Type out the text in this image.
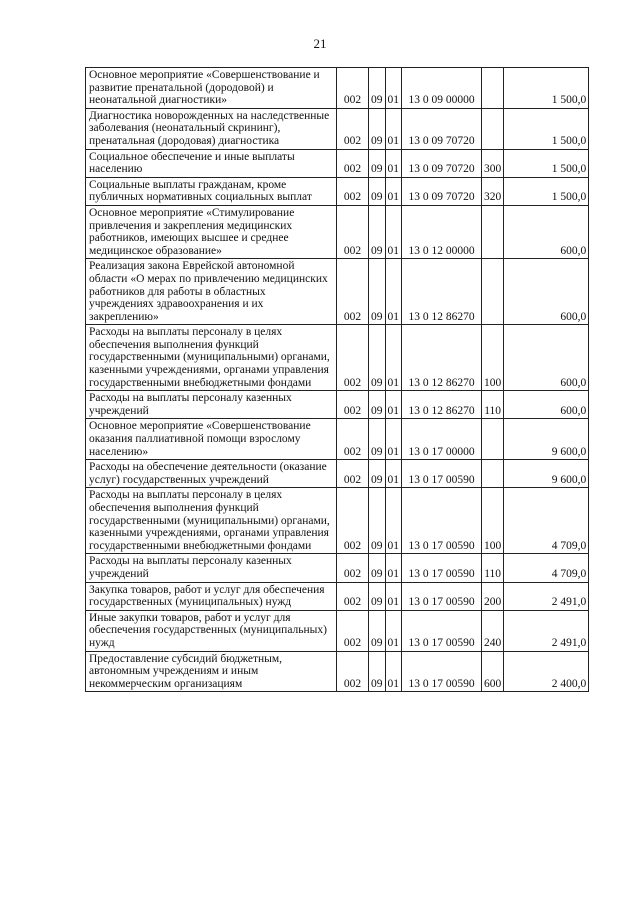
21
Основное мероприятие «Совершенствование и развитие пренатальной (дородовой) и неонатальной диагностики»	002	09	01	13 0 09 00000		1 500,0
Диагностика новорожденных на наследственные заболевания (неонатальный скрининг), пренатальная (дородовая) диагностика	002	09	01	13 0 09 70720		1 500,0
Социальное обеспечение и иные выплаты населению	002	09	01	13 0 09 70720	300	1 500,0
Социальные выплаты гражданам, кроме публичных нормативных социальных выплат	002	09	01	13 0 09 70720	320	1 500,0
Основное мероприятие «Стимулирование привлечения и закрепления медицинских работников, имеющих высшее и среднее медицинское образование»	002	09	01	13 0 12 00000		600,0
Реализация закона Еврейской автономной области «О мерах по привлечению медицинских работников для работы в областных учреждениях здравоохранения и их закреплению»	002	09	01	13 0 12 86270		600,0
Расходы на выплаты персоналу в целях обеспечения выполнения функций государственными (муниципальными) органами, казенными учреждениями, органами управления государственными внебюджетными фондами	002	09	01	13 0 12 86270	100	600,0
Расходы на выплаты персоналу казенных учреждений	002	09	01	13 0 12 86270	110	600,0
Основное мероприятие «Совершенствование оказания паллиативной помощи взрослому населению»	002	09	01	13 0 17 00000		9 600,0
Расходы на обеспечение деятельности (оказание услуг) государственных учреждений	002	09	01	13 0 17 00590		9 600,0
Расходы на выплаты персоналу в целях обеспечения выполнения функций государственными (муниципальными) органами, казенными учреждениями, органами управления государственными внебюджетными фондами	002	09	01	13 0 17 00590	100	4 709,0
Расходы на выплаты персоналу казенных учреждений	002	09	01	13 0 17 00590	110	4 709,0
Закупка товаров, работ и услуг для обеспечения государственных (муниципальных) нужд	002	09	01	13 0 17 00590	200	2 491,0
Иные закупки товаров, работ и услуг для обеспечения государственных (муниципальных) нужд	002	09	01	13 0 17 00590	240	2 491,0
Предоставление субсидий бюджетным, автономным учреждениям и иным некоммерческим организациям	002	09	01	13 0 17 00590	600	2 400,0
